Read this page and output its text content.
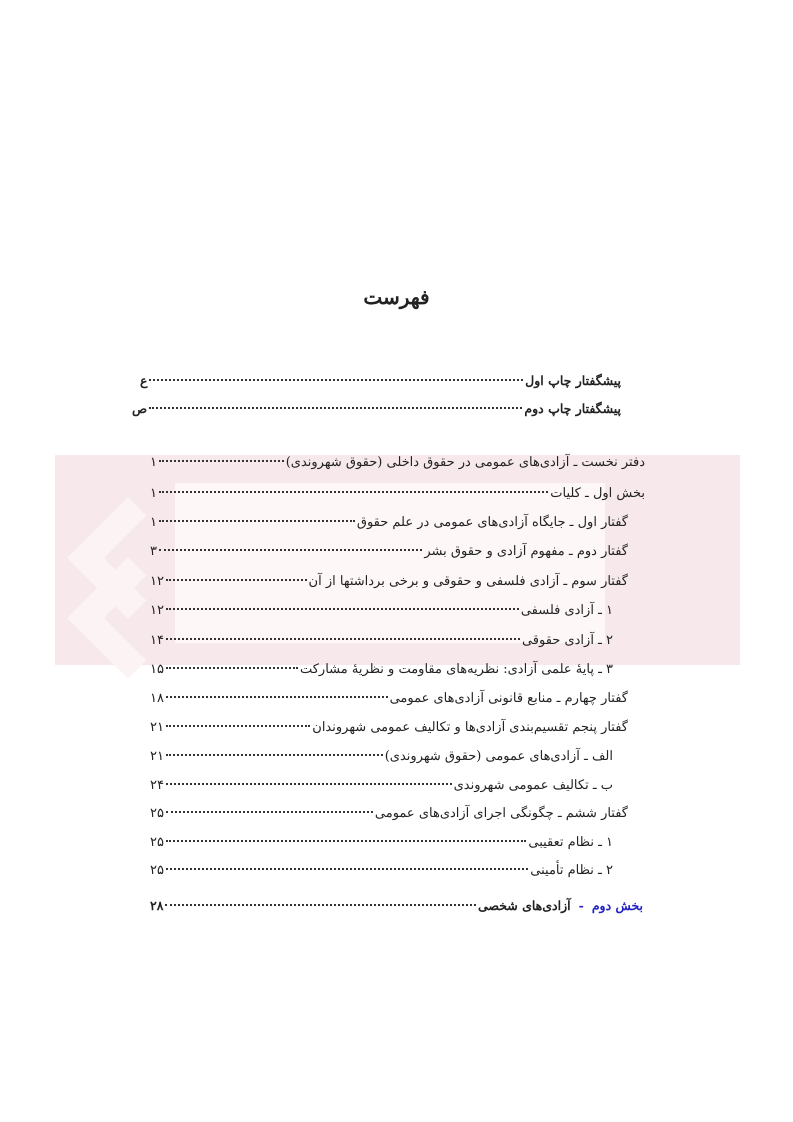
فهرست
پیشگفتار چاپ اول
ع
پیشگفتار چاپ دوم
ص
دفتر نخست ـ آزادی‌های عمومی در حقوق داخلی (حقوق شهروندی)
۱
بخش اول ـ کلیات
۱
گفتار اول ـ جایگاه آزادی‌های عمومی در علم حقوق
۱
گفتار دوم ـ مفهوم آزادی و حقوق بشر
۳
گفتار سوم ـ آزادی فلسفی و حقوقی و برخی برداشتها از آن
۱۲
۱ ـ آزادی فلسفی
۱۲
۲ ـ آزادی حقوقی
۱۴
۳ ـ پایهٔ علمی آزادی: نظریه‌های مقاومت و نظریهٔ مشارکت
۱۵
گفتار چهارم ـ منابع قانونی آزادی‌های عمومی
۱۸
گفتار پنجم تقسیم‌بندی آزادی‌ها و تکالیف عمومی شهروندان
۲۱
الف ـ آزادی‌های عمومی (حقوق شهروندی)
۲۱
ب ـ تکالیف عمومی شهروندی
۲۴
گفتار ششم ـ چگونگی اجرای آزادی‌های عمومی
۲۵
۱ ـ نظام تعقیبی
۲۵
۲ ـ نظام تأمینی
۲۵
بخش دوم
-
آزادی‌های شخصی
۲۸
